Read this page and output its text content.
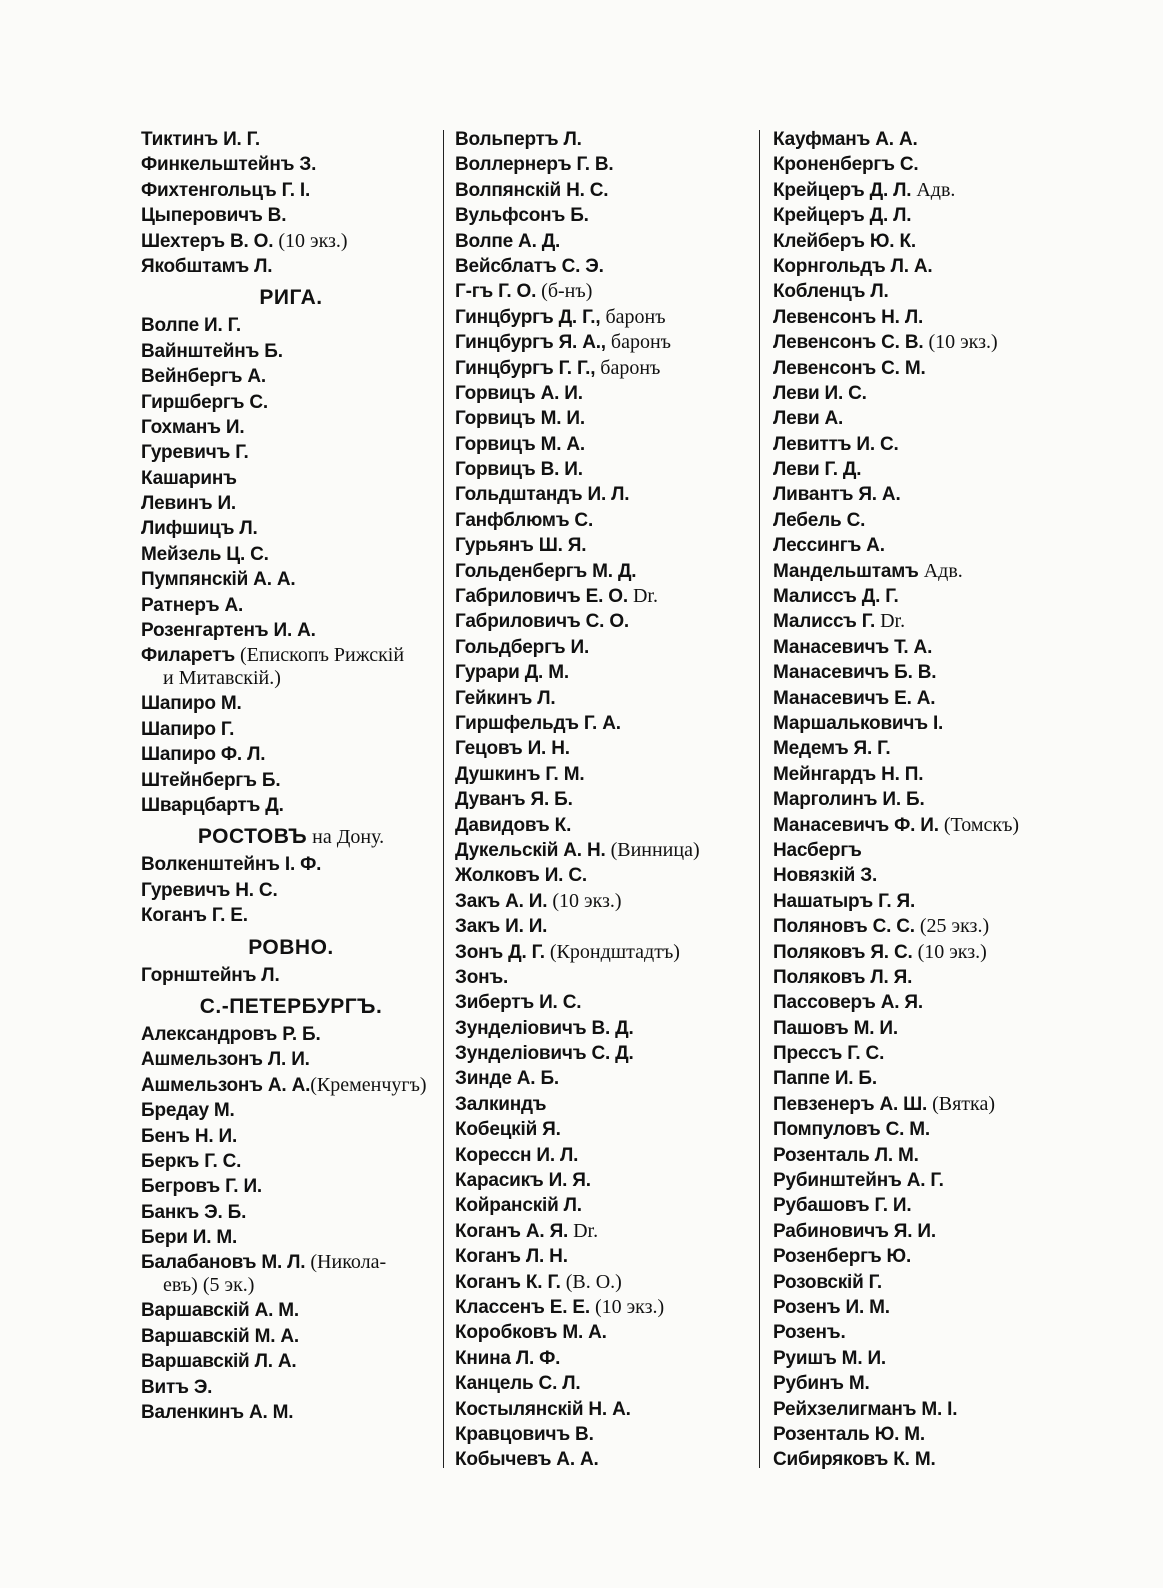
Тиктинъ И. Г.
Финкельштейнъ З.
Фихтенгольцъ Г. І.
Цыперовичъ В.
Шехтеръ В. О. (10 экз.)
Якобштамъ Л.
РИГА.
Волпе И. Г.
Вайнштейнъ Б.
Вейнбергъ А.
Гиршбергъ С.
Гохманъ И.
Гуревичъ Г.
Кашаринъ
Левинъ И.
Лифшицъ Л.
Мейзель Ц. С.
Пумпянскій А. А.
Ратнеръ А.
Розенгартенъ И. А.
Филаретъ (Епископъ Рижскій
и Митавскій.)
Шапиро М.
Шапиро Г.
Шапиро Ф. Л.
Штейнбергъ Б.
Шварцбартъ Д.
РОСТОВЪ на Дону.
Волкенштейнъ І. Ф.
Гуревичъ Н. С.
Коганъ Г. Е.
РОВНО.
Горнштейнъ Л.
С.-ПЕТЕРБУРГЪ.
Александровъ Р. Б.
Ашмельзонъ Л. И.
Ашмельзонъ А. А.(Кременчугъ)
Бредау М.
Бенъ Н. И.
Беркъ Г. С.
Бегровъ Г. И.
Банкъ Э. Б.
Бери И. М.
Балабановъ М. Л. (Никола-
евъ) (5 эк.)
Варшавскій А. М.
Варшавскій М. А.
Варшавскій Л. А.
Витъ Э.
Валенкинъ А. М.
Вольпертъ Л.
Воллернеръ Г. В.
Волпянскій Н. С.
Вульфсонъ Б.
Волпе А. Д.
Вейсблатъ С. Э.
Г-гъ Г. О. (б-нъ)
Гинцбургъ Д. Г., баронъ
Гинцбургъ Я. А., баронъ
Гинцбургъ Г. Г., баронъ
Горвицъ А. И.
Горвицъ М. И.
Горвицъ М. А.
Горвицъ В. И.
Гольдштандъ И. Л.
Ганфблюмъ С.
Гурьянъ Ш. Я.
Гольденбергъ М. Д.
Габриловичъ Е. О. Dr.
Габриловичъ С. О.
Гольдбергъ И.
Гурари Д. М.
Гейкинъ Л.
Гиршфельдъ Г. А.
Гецовъ И. Н.
Душкинъ Г. М.
Дуванъ Я. Б.
Давидовъ К.
Дукельскій А. Н. (Винница)
Жолковъ И. С.
Закъ А. И. (10 экз.)
Закъ И. И.
Зонъ Д. Г. (Крондштадтъ)
Зонъ.
Зибертъ И. С.
Зунделіовичъ В. Д.
Зунделіовичъ С. Д.
Зинде А. Б.
Залкиндъ
Кобецкій Я.
Корессн И. Л.
Карасикъ И. Я.
Койранскій Л.
Коганъ А. Я. Dr.
Коганъ Л. Н.
Коганъ К. Г. (В. О.)
Классенъ Е. Е. (10 экз.)
Коробковъ М. А.
Книна Л. Ф.
Канцель С. Л.
Костылянскій Н. А.
Кравцовичъ В.
Кобычевъ А. А.
Кауфманъ А. А.
Кроненбергъ С.
Крейцеръ Д. Л. Адв.
Крейцеръ Д. Л.
Клейберъ Ю. К.
Корнгольдъ Л. А.
Кобленцъ Л.
Левенсонъ Н. Л.
Левенсонъ С. В. (10 экз.)
Левенсонъ С. М.
Леви И. С.
Леви А.
Левиттъ И. С.
Леви Г. Д.
Ливантъ Я. А.
Лебель С.
Лессингъ А.
Мандельштамъ Адв.
Малиссъ Д. Г.
Малиссъ Г. Dr.
Манасевичъ Т. А.
Манасевичъ Б. В.
Манасевичъ Е. А.
Маршальковичъ І.
Медемъ Я. Г.
Мейнгардъ Н. П.
Марголинъ И. Б.
Манасевичъ Ф. И. (Томскъ)
Насбергъ
Новязкій З.
Нашатыръ Г. Я.
Поляновъ С. С. (25 экз.)
Поляковъ Я. С. (10 экз.)
Поляковъ Л. Я.
Пассоверъ А. Я.
Пашовъ М. И.
Прессъ Г. С.
Паппе И. Б.
Певзенеръ А. Ш. (Вятка)
Помпуловъ С. М.
Розенталь Л. М.
Рубинштейнъ А. Г.
Рубашовъ Г. И.
Рабиновичъ Я. И.
Розенбергъ Ю.
Розовскій Г.
Розенъ И. М.
Розенъ.
Руишъ М. И.
Рубинъ М.
Рейхзелигманъ М. І.
Розенталь Ю. М.
Сибиряковъ К. М.
